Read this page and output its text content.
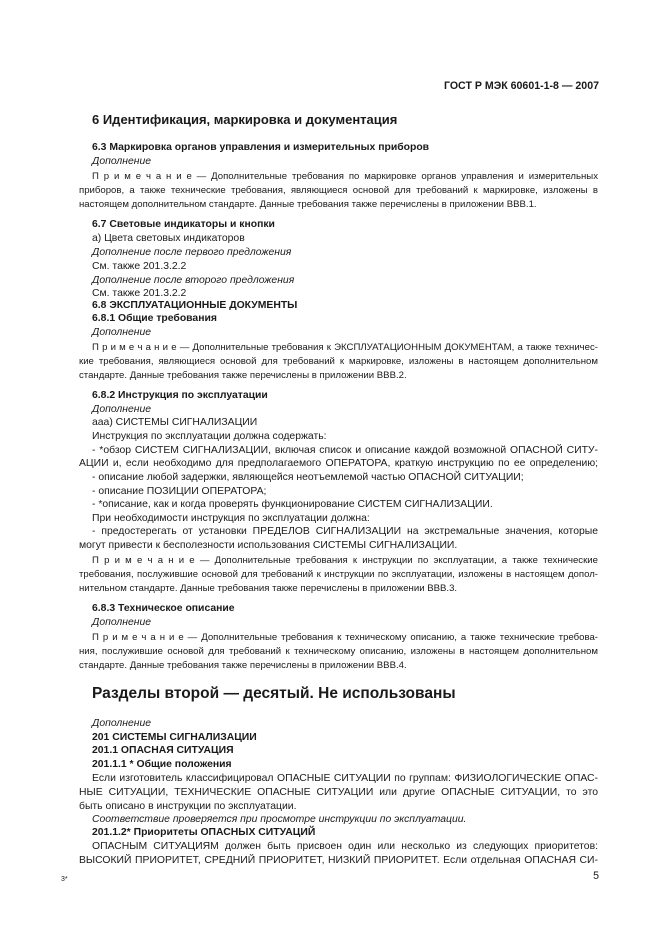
ГОСТ Р МЭК 60601-1-8 — 2007
6 Идентификация, маркировка и документация
6.3 Маркировка органов управления и измерительных приборов
Дополнение
П р и м е ч а н и е — Дополнительные требования по маркировке органов управления и измерительных
приборов, а также технические требования, являющиеся основой для требований к маркировке, изложены в
настоящем дополнительном стандарте. Данные требования также перечислены в приложении ВВВ.1.
6.7 Световые индикаторы и кнопки
a) Цвета световых индикаторов
Дополнение после первого предложения
См. также 201.3.2.2
Дополнение после второго предложения
См. также 201.3.2.2
6.8 ЭКСПЛУАТАЦИОННЫЕ ДОКУМЕНТЫ
6.8.1 Общие требования
Дополнение
П р и м е ч а н и е — Дополнительные требования к ЭКСПЛУАТАЦИОННЫМ ДОКУМЕНТАМ, а также техничес-
кие требования, являющиеся основой для требований к маркировке, изложены в настоящем дополнительном
стандарте. Данные требования также перечислены в приложении ВВВ.2.
6.8.2 Инструкция по эксплуатации
Дополнение
aaa) СИСТЕМЫ СИГНАЛИЗАЦИИ
Инструкция по эксплуатации должна содержать:
- *обзор СИСТЕМ СИГНАЛИЗАЦИИ, включая список и описание каждой возможной ОПАСНОЙ СИТУ-
АЦИИ и, если необходимо для предполагаемого ОПЕРАТОРА, краткую инструкцию по ее определению;
- описание любой задержки, являющейся неотъемлемой частью ОПАСНОЙ СИТУАЦИИ;
- описание ПОЗИЦИИ ОПЕРАТОРА;
- *описание, как и когда проверять функционирование СИСТЕМ СИГНАЛИЗАЦИИ.
При необходимости инструкция по эксплуатации должна:
- предостерегать от установки ПРЕДЕЛОВ СИГНАЛИЗАЦИИ на экстремальные значения, которые
могут привести к бесполезности использования СИСТЕМЫ СИГНАЛИЗАЦИИ.
П р и м е ч а н и е — Дополнительные требования к инструкции по эксплуатации, а также технические
требования, послужившие основой для требований к инструкции по эксплуатации, изложены в настоящем допол-
нительном стандарте. Данные требования также перечислены в приложении ВВВ.3.
6.8.3 Техническое описание
Дополнение
П р и м е ч а н и е — Дополнительные требования к техническому описанию, а также технические требова-
ния, послужившие основой для требований к техническому описанию, изложены в настоящем дополнительном
стандарте. Данные требования также перечислены в приложении ВВВ.4.
Разделы второй — десятый. Не использованы
Дополнение
201 СИСТЕМЫ СИГНАЛИЗАЦИИ
201.1 ОПАСНАЯ СИТУАЦИЯ
201.1.1 * Общие положения
Если изготовитель классифицировал ОПАСНЫЕ СИТУАЦИИ по группам: ФИЗИОЛОГИЧЕСКИЕ ОПАС-
НЫЕ СИТУАЦИИ, ТЕХНИЧЕСКИЕ ОПАСНЫЕ СИТУАЦИИ или другие ОПАСНЫЕ СИТУАЦИИ, то это
быть описано в инструкции по эксплуатации.
Соответствие проверяется при просмотре инструкции по эксплуатации.
201.1.2* Приоритеты ОПАСНЫХ СИТУАЦИЙ
ОПАСНЫМ СИТУАЦИЯМ должен быть присвоен один или несколько из следующих приоритетов:
ВЫСОКИЙ ПРИОРИТЕТ, СРЕДНИЙ ПРИОРИТЕТ, НИЗКИЙ ПРИОРИТЕТ. Если отдельная ОПАСНАЯ СИ-
3*	5
